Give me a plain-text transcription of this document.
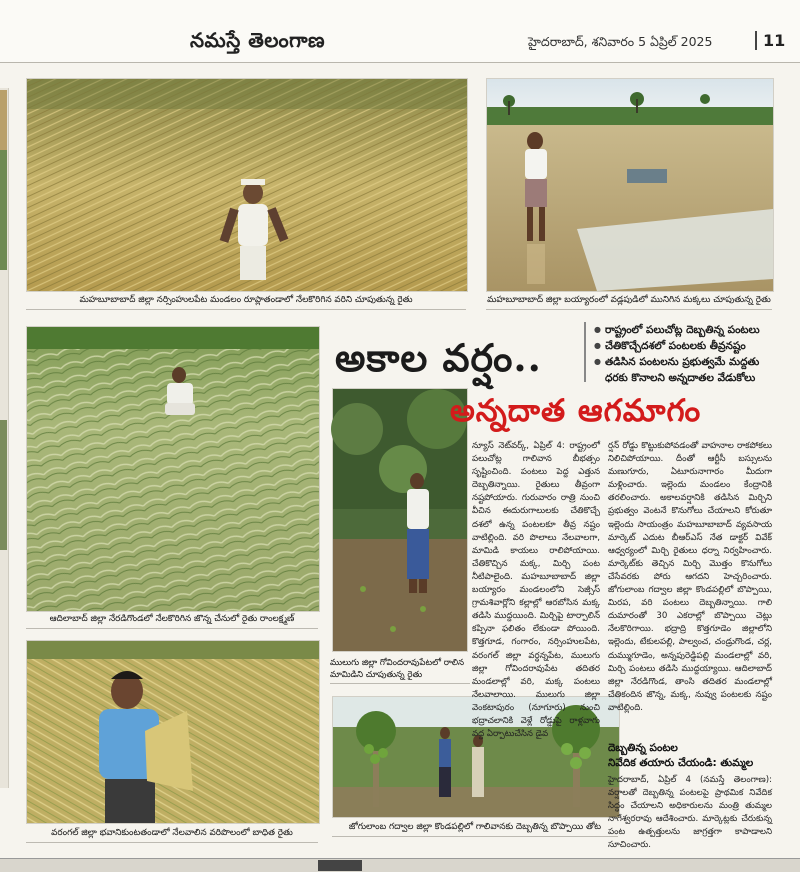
నమస్తే తెలంగాణ	హైదరాబాద్, శనివారం 5 ఏప్రిల్ 2025	11
మహబూబాబాద్ జిల్లా నర్సింహులపేట మండలం రూప్లాతండాలో నేలకొరిగిన వరిని చూపుతున్న రైతు	మహబూబాబాద్ జిల్లా బయ్యారంలో వడ్లపుడిలో మునిగిన మక్కలు చూపుతున్న రైతు
ఆదిలాబాద్ జిల్లా నేరడిగొండలో నేలకొరిగిన జొన్న చేనులో రైతు రాంలక్ష్మణ్
ములుగు జిల్లా గోవిందరావుపేటలో రాలిన మామిడిని చూపుతున్న రైతు
వరంగల్ జిల్లా భవానికుంటతండాలో నేలవాలిన వరిపొలంలో బాధిత రైతు
జోగులాంబ గద్వాల జిల్లా కొండపల్లిలో గాలివానకు దెబ్బతిన్న బొప్పాయి తోట
అకాల వర్షం..
● రాష్ట్రంలో పలుచోట్ల దెబ్బతిన్న పంటలు
● చేతికొచ్చేదశలో పంటలకు తీవ్రనష్టం
● తడిసిన పంటలను ప్రభుత్వమే మద్దతు
ధరకు కొనాలని అన్నదాతల వేడుకోలు
అన్నదాత ఆగమాగం
న్యూస్ నెట్‌వర్క్, ఏప్రిల్ 4: రాష్ట్రంలో పలుచోట్ల గాలివాన బీభత్సం సృష్టించింది. పంటలు పెద్ద ఎత్తున దెబ్బతిన్నాయి. రైతులు తీవ్రంగా నష్టపోయారు. గురువారం రాత్రి నుంచి వీచిన ఈదురుగాలులకు చేతికొచ్చే దశలో ఉన్న పంటలకూ తీవ్ర నష్టం వాటిల్లింది. వరి పొలాలు నేలవాలగా, మామిడి కాయలు రాలిపోయాయి. చేతికొచ్చిన మక్క, మిర్చి పంట నీటిపాలైంది. మహబూబాబాద్ జిల్లా బయ్యారం మండలంలోని సెజ్సీస్ గ్రామశివార్లోని కల్లాల్లో ఆరబోసిన మక్క తడిసి ముద్దయింది. మిర్చిపై టార్పాలిన్ కప్పినా ఫలితం లేకుండా పోయింది. కొత్తగూడ, గంగారం, నర్సింహులపేట, వరంగల్ జిల్లా వర్ధన్నపేట, ములుగు జిల్లా గోవిందరావుపేట తదితర మండలాల్లో వరి, మక్క పంటలు నేలవాలాయి. ములుగు జిల్లా వెంకటాపురం (నూగూరు) నుంచి భద్రాచలానికి వెళ్లే రోడ్డుపై రాళ్లవాగు వద్ద ఏర్పాటుచేసిన డైవ
ర్షన్ రోడ్డు కొట్టుకుపోవడంతో వాహనాల రాకపోకలు నిలిచిపోయాయి. దీంతో ఆర్టీసీ బస్సులను మణుగూరు, ఏటూరునాగారం మీదుగా మళ్లించారు. ఇల్లెందు మండలం కేంద్రానికి తరలించారు. అకాలవర్షానికి తడిసిన మిర్చిని ప్రభుత్వం వెంటనే కొనుగోలు చేయాలని కోరుతూ ఇల్లెందు సాయంత్రం మహబూబాబాద్ వ్యవసాయ మార్కెట్ ఎదుట బీఆర్‌ఎస్ నేత డాక్టర్ వివేక్ ఆధ్వర్యంలో మిర్చి రైతులు ధర్నా నిర్వహించారు. మార్కెట్‌కు తెచ్చిన మిర్చి మొత్తం కొనుగోలు చేసేవరకు పోరు ఆగదని హెచ్చరించారు. జోగులాంబ గద్వాల జిల్లా కొండపల్లిలో బొప్పాయి, మిరప, వరి పంటలు దెబ్బతిన్నాయి. గాలి దుమారంతో 30 ఎకరాల్లో బొప్పాయి చెట్లు నేలకొరిగాయి. భద్రాద్రి కొత్తగూడెం జిల్లాలోని ఇల్లెందు, టేకులపల్లి, పాల్వంచ, చండ్రుగొండ, చర్ల, దుమ్ముగూడెం, అన్నపురెడ్డిపల్లి మండలాల్లో వరి, మిర్చి పంటలు తడిసి ముద్దయ్యాయి. ఆదిలాబాద్ జిల్లా నేరడిగొండ, తాంసి తదితర మండలాల్లో చేతికందిన జొన్న, మక్క, నువ్వు పంటలకు నష్టం వాటిల్లింది.
దెబ్బతిన్న పంటల
నివేదిక తయారు చేయండి: తుమ్మల
హైదరాబాద్, ఏప్రిల్ 4 (నమస్తే తెలంగాణ): వర్షాలతో దెబ్బతిన్న పంటలపై ప్రాథమిక నివేదిక సిద్ధం చేయాలని అధికారులను మంత్రి తుమ్మల నాగేశ్వరరావు ఆదేశించారు. మార్కెట్లకు చేరుకున్న పంట ఉత్పత్తులను జాగ్రత్తగా కాపాడాలని సూచించారు.
